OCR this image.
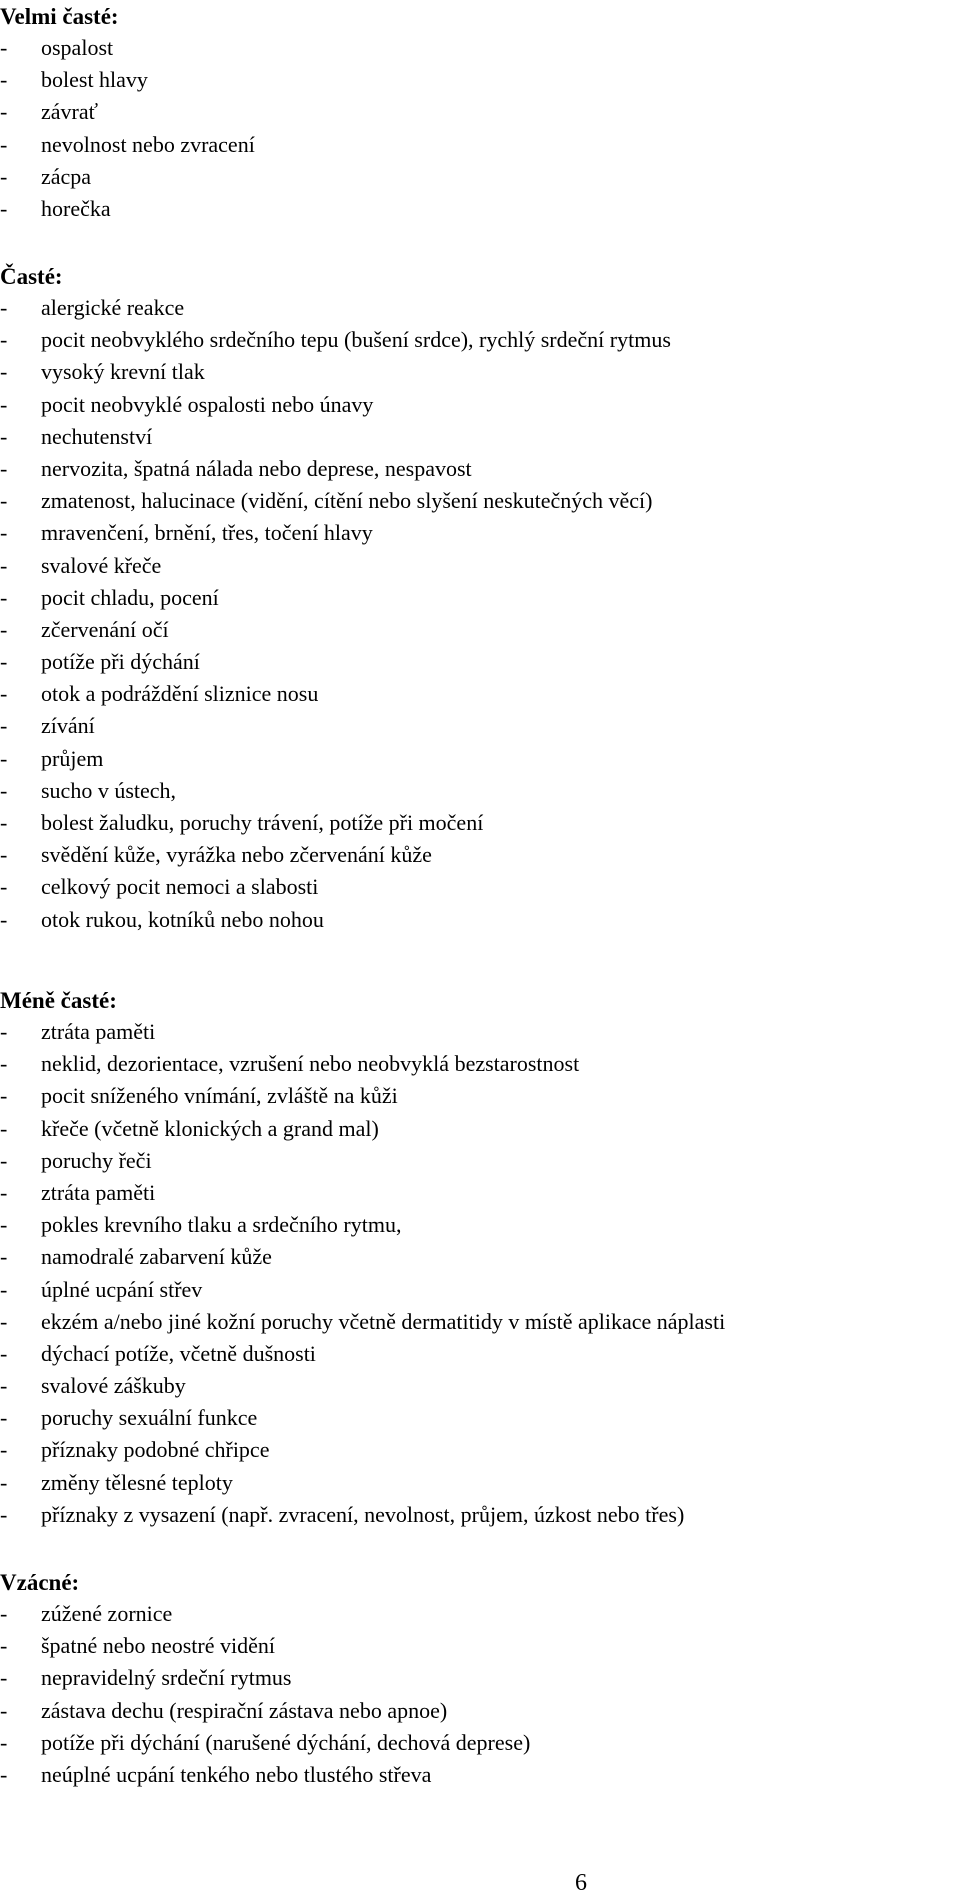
Velmi časté:
- ospalost
- bolest hlavy
- závrať
- nevolnost nebo zvracení
- zácpa
- horečka
Časté:
- alergické reakce
- pocit neobvyklého srdečního tepu (bušení srdce), rychlý srdeční rytmus
- vysoký krevní tlak
- pocit neobvyklé ospalosti nebo únavy
- nechutenství
- nervozita, špatná nálada nebo deprese, nespavost
- zmatenost, halucinace (vidění, cítění nebo slyšení neskutečných věcí)
- mravenčení, brnění, třes, točení hlavy
- svalové křeče
- pocit chladu, pocení
- zčervenání očí
- potíže při dýchání
- otok a podráždění sliznice nosu
- zívání
- průjem
- sucho v ústech,
- bolest žaludku, poruchy trávení, potíže při močení
- svědění kůže, vyrážka nebo zčervenání kůže
- celkový pocit nemoci a slabosti
- otok rukou, kotníků nebo nohou
Méně časté:
- ztráta paměti
- neklid, dezorientace, vzrušení nebo neobvyklá bezstarostnost
- pocit sníženého vnímání, zvláště na kůži
- křeče (včetně klonických a grand mal)
- poruchy řeči
- ztráta paměti
- pokles krevního tlaku a srdečního rytmu,
- namodralé zabarvení kůže
- úplné ucpání střev
- ekzém a/nebo jiné kožní poruchy včetně dermatitidy v místě aplikace náplasti
- dýchací potíže, včetně dušnosti
- svalové záškuby
- poruchy sexuální funkce
- příznaky podobné chřipce
- změny tělesné teploty
- příznaky z vysazení (např. zvracení, nevolnost, průjem, úzkost nebo třes)
Vzácné:
- zúžené zornice
- špatné nebo neostré vidění
- nepravidelný srdeční rytmus
- zástava dechu (respirační zástava nebo apnoe)
- potíže při dýchání (narušené dýchání, dechová deprese)
- neúplné ucpání tenkého nebo tlustého střeva
6
